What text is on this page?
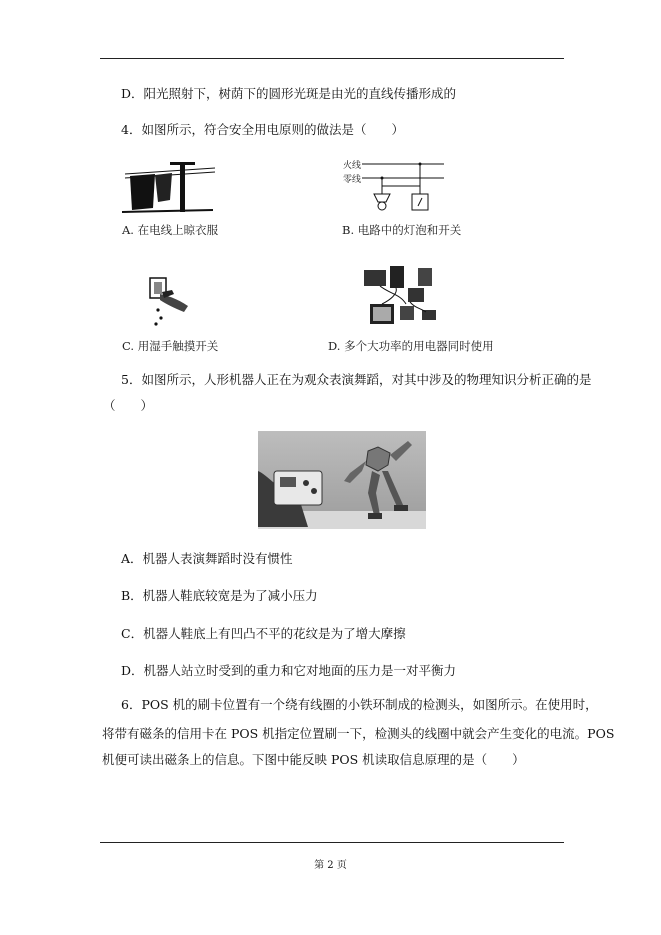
D．阳光照射下，树荫下的圆形光斑是由光的直线传播形成的
4．如图所示，符合安全用电原则的做法是（　　）
A. 在电线上晾衣服
火线
零线
B. 电路中的灯泡和开关
C. 用湿手触摸开关	D. 多个大功率的用电器同时使用
5．如图所示，人形机器人正在为观众表演舞蹈，对其中涉及的物理知识分析正确的是
（　　）
A．机器人表演舞蹈时没有惯性
B．机器人鞋底较宽是为了减小压力
C．机器人鞋底上有凹凸不平的花纹是为了增大摩擦
D．机器人站立时受到的重力和它对地面的压力是一对平衡力
6．POS 机的刷卡位置有一个绕有线圈的小铁环制成的检测头，如图所示。在使用时，
将带有磁条的信用卡在 POS 机指定位置刷一下，检测头的线圈中就会产生变化的电流。POS
机便可读出磁条上的信息。下图中能反映 POS 机读取信息原理的是（　　）
第 2 页
